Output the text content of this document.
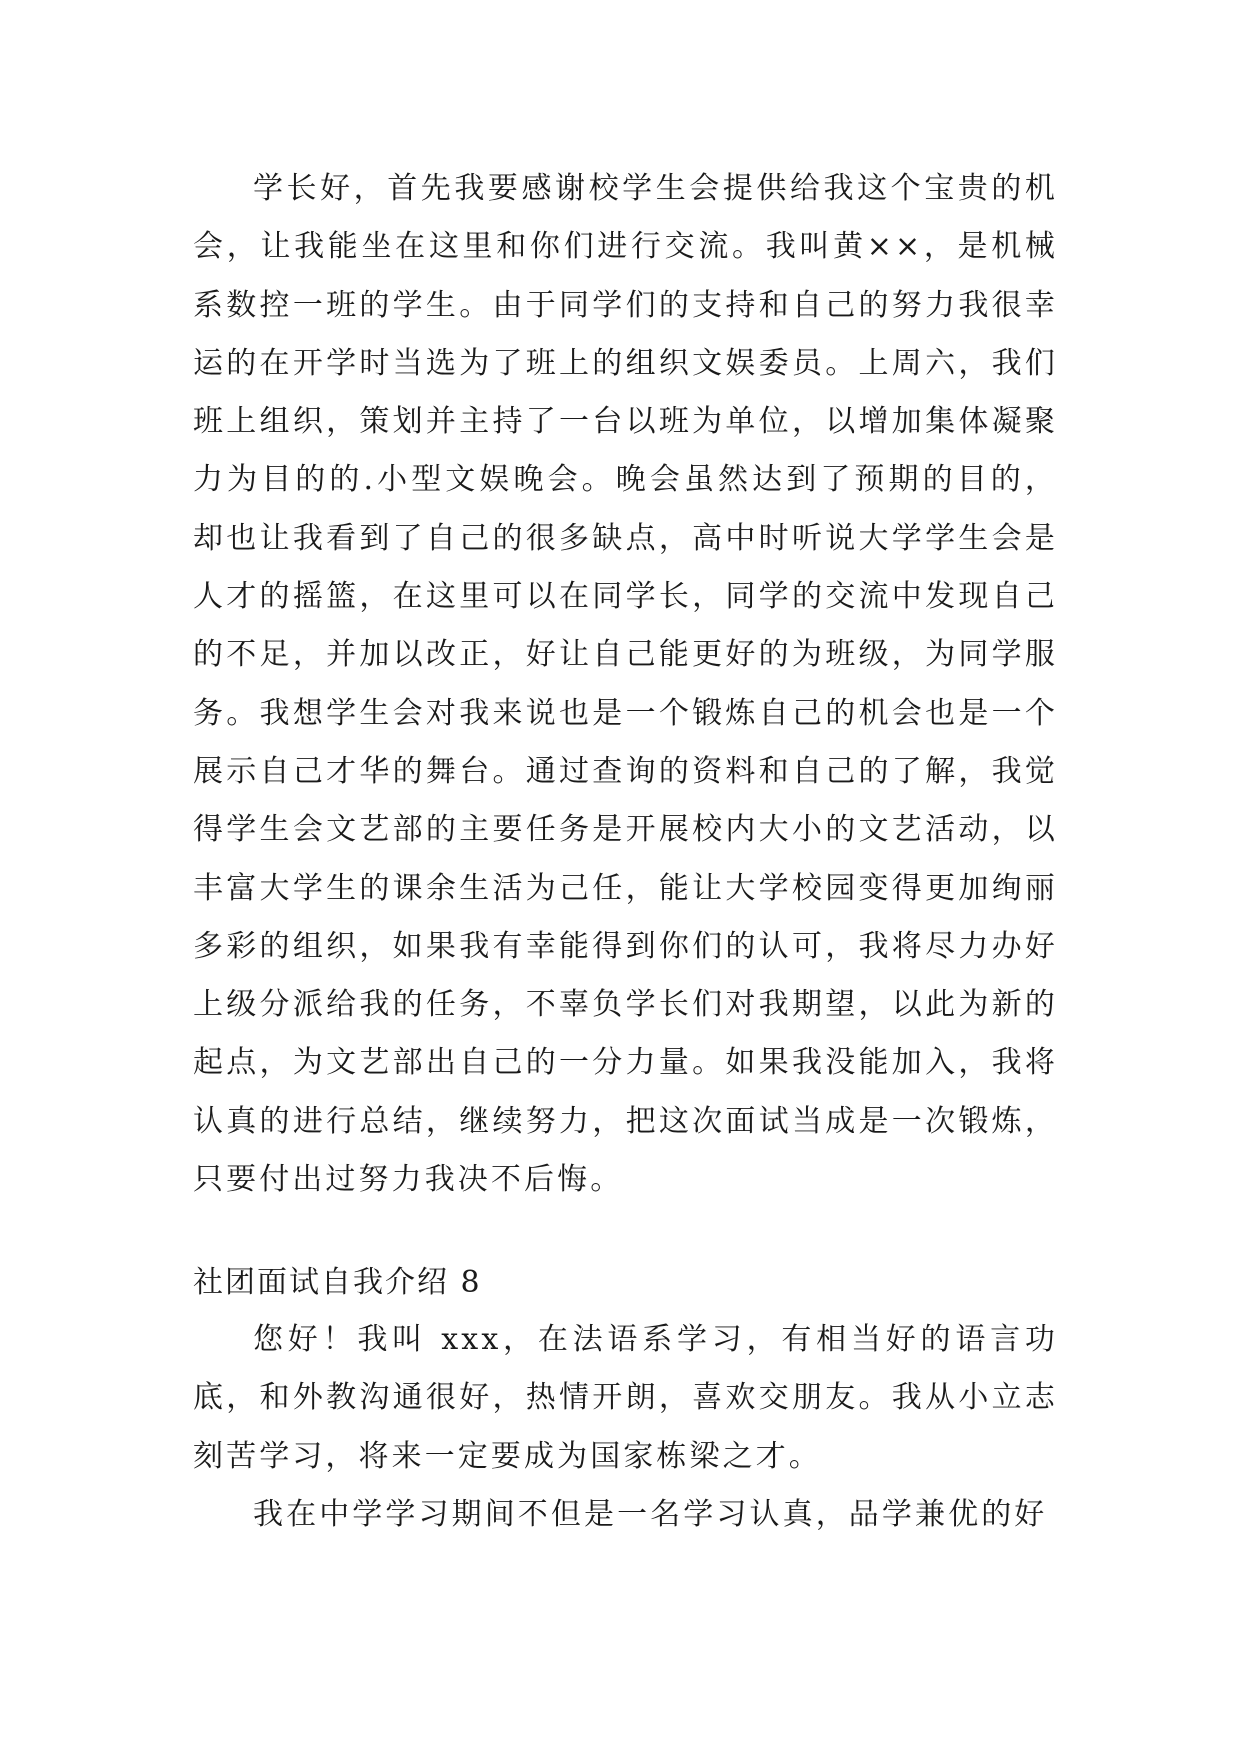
学长好，首先我要感谢校学生会提供给我这个宝贵的机会，让我能坐在这里和你们进行交流。我叫黄××，是机械系数控一班的学生。由于同学们的支持和自己的努力我很幸运的在开学时当选为了班上的组织文娱委员。上周六，我们班上组织，策划并主持了一台以班为单位，以增加集体凝聚力为目的的.小型文娱晚会。晚会虽然达到了预期的目的，却也让我看到了自己的很多缺点，高中时听说大学学生会是人才的摇篮，在这里可以在同学长，同学的交流中发现自己的不足，并加以改正，好让自己能更好的为班级，为同学服务。我想学生会对我来说也是一个锻炼自己的机会也是一个展示自己才华的舞台。通过查询的资料和自己的了解，我觉得学生会文艺部的主要任务是开展校内大小的文艺活动，以丰富大学生的课余生活为己任，能让大学校园变得更加绚丽多彩的组织，如果我有幸能得到你们的认可，我将尽力办好上级分派给我的任务，不辜负学长们对我期望，以此为新的起点，为文艺部出自己的一分力量。如果我没能加入，我将认真的进行总结，继续努力，把这次面试当成是一次锻炼，只要付出过努力我决不后悔。

社团面试自我介绍 8

您好！我叫 xxx，在法语系学习，有相当好的语言功底，和外教沟通很好，热情开朗，喜欢交朋友。我从小立志刻苦学习，将来一定要成为国家栋梁之才。

我在中学学习期间不但是一名学习认真，品学兼优的好
